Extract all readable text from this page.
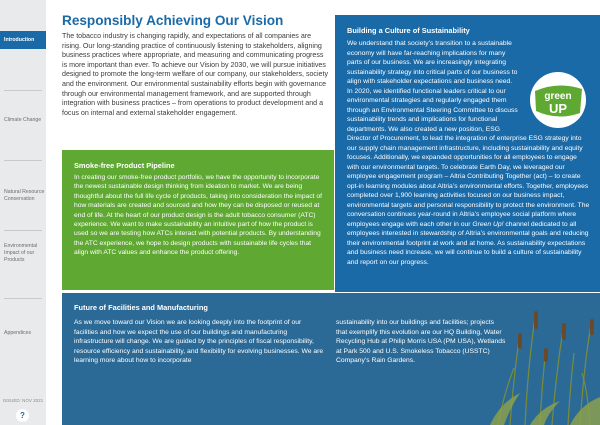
Introduction
Climate Change
Natural Resource Conservation
Environmental Impact of our Products
Appendices
ISSUED: NOV 2021
?
Responsibly Achieving Our Vision
The tobacco industry is changing rapidly, and expectations of all companies are rising. Our long-standing practice of continuously listening to stakeholders, aligning business practices where appropriate, and measuring and communicating progress is more important than ever. To achieve our Vision by 2030, we will pursue initiatives designed to promote the long-term welfare of our company, our stakeholders, society and the environment. Our environmental sustainability efforts begin with governance through our environmental management framework, and are supported through integration with business practices – from operations to product development and a focus on internal and external stakeholder engagement.
Smoke-free Product Pipeline
In creating our smoke-free product portfolio, we have the opportunity to incorporate the newest sustainable design thinking from ideation to market. We are being thoughtful about the full life cycle of products, taking into consideration the impact of how materials are created and sourced and how they can be disposed or reused at end of life. At the heart of our product design is the adult tobacco consumer (ATC) experience. We want to make sustainability an intuitive part of how the product is used so we are testing how ATCs interact with potential products. By understanding the ATC experience, we hope to design products with sustainable life cycles that align with ATC values and enhance the product offering.
Building a Culture of Sustainability
green
UP
We understand that society’s transition to a sustainable economy will have far-reaching implications for many parts of our business. We are increasingly integrating sustainability strategy into critical parts of our business to align with stakeholder expectations and business need. In 2020, we identified functional leaders critical to our environmental strategies and regularly engaged them through an Environmental Steering Committee to discuss sustainability trends and implications for functional departments. We also created a new position, ESG Director of Procurement, to lead the integration of enterprise ESG strategy into our supply chain management infrastructure, including sustainability and equity focuses. Additionally, we expanded opportunities for all employees to engage with our environmental targets. To celebrate Earth Day, we leveraged our employee engagement program – Altria Contributing Together (act) – to create opt-in learning modules about Altria’s environmental efforts. Together, employees completed over 1,900 learning activities focused on our business impact, environmental targets and personal responsibility to protect the environment. The conversation continues year-round in Altria’s employee social platform where employees engage with each other in our Green Up! channel dedicated to all employees interested in stewardship of Altria’s environmental goals and reducing their environmental footprint at work and at home. As sustainability expectations and business need increase, we will continue to build a culture of sustainability and report on our progress.
Future of Facilities and Manufacturing
As we move toward our Vision we are looking deeply into the footprint of our facilities and how we expect the use of our buildings and manufacturing infrastructure will change. We are guided by the principles of fiscal responsibility, resource efficiency and sustainability, and flexibility for evolving businesses. We are learning more about how to incorporate
sustainability into our buildings and facilities; projects that exemplify this evolution are our HQ Building, Water Recycling Hub at Philip Morris USA (PM USA), Wetlands at Park 500 and U.S. Smokeless Tobacco (USSTC) Company’s Rain Gardens.
